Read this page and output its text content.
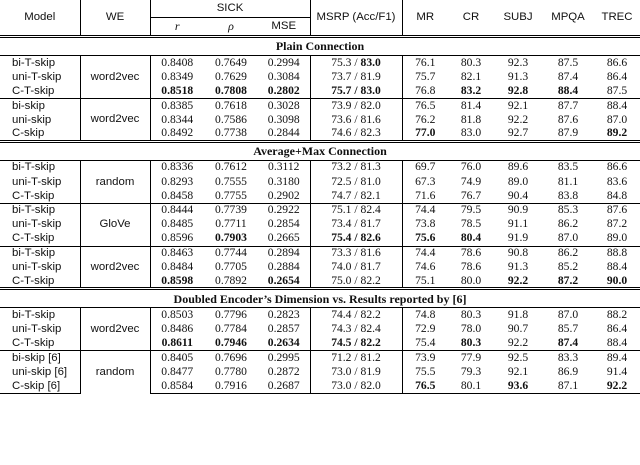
Model	WE	SICK			MSRP (Acc/F1)	MR	CR	SUBJ	MPQA	TREC
		r	ρ	MSE						
Plain Connection										
bi-T-skip	word2vec	0.8408	0.7649	0.2994	75.3 / 83.0	76.1	80.3	92.3	87.5	86.6
uni-T-skip		0.8349	0.7629	0.3084	73.7 / 81.9	75.7	82.1	91.3	87.4	86.4
C-T-skip		0.8518	0.7808	0.2802	75.7 / 83.0	76.8	83.2	92.8	88.4	87.5
bi-skip	word2vec	0.8385	0.7618	0.3028	73.9 / 82.0	76.5	81.4	92.1	87.7	88.4
uni-skip		0.8344	0.7586	0.3098	73.6 / 81.6	76.2	81.8	92.2	87.6	87.0
C-skip		0.8492	0.7738	0.2844	74.6 / 82.3	77.0	83.0	92.7	87.9	89.2
Average+Max Connection										
bi-T-skip	random	0.8336	0.7612	0.3112	73.2 / 81.3	69.7	76.0	89.6	83.5	86.6
uni-T-skip		0.8293	0.7555	0.3180	72.5 / 81.0	67.3	74.9	89.0	81.1	83.6
C-T-skip		0.8458	0.7755	0.2902	74.7 / 82.1	71.6	76.7	90.4	83.8	84.8
bi-T-skip	GloVe	0.8444	0.7739	0.2922	75.1 / 82.4	74.4	79.5	90.9	85.3	87.6
uni-T-skip		0.8485	0.7711	0.2854	73.4 / 81.7	73.8	78.5	91.1	86.2	87.2
C-T-skip		0.8596	0.7903	0.2665	75.4 / 82.6	75.6	80.4	91.9	87.0	89.0
bi-T-skip	word2vec	0.8463	0.7744	0.2894	73.3 / 81.6	74.4	78.6	90.8	86.2	88.8
uni-T-skip		0.8484	0.7705	0.2884	74.0 / 81.7	74.6	78.6	91.3	85.2	88.4
C-T-skip		0.8598	0.7892	0.2654	75.0 / 82.2	75.1	80.0	92.2	87.2	90.0
Doubled Encoder’s Dimension vs. Results reported by [6]										
bi-T-skip	word2vec	0.8503	0.7796	0.2823	74.4 / 82.2	74.8	80.3	91.8	87.0	88.2
uni-T-skip		0.8486	0.7784	0.2857	74.3 / 82.4	72.9	78.0	90.7	85.7	86.4
C-T-skip		0.8611	0.7946	0.2634	74.5 / 82.2	75.4	80.3	92.2	87.4	88.4
bi-skip [6]	random	0.8405	0.7696	0.2995	71.2 / 81.2	73.9	77.9	92.5	83.3	89.4
uni-skip [6]		0.8477	0.7780	0.2872	73.0 / 81.9	75.5	79.3	92.1	86.9	91.4
C-skip [6]		0.8584	0.7916	0.2687	73.0 / 82.0	76.5	80.1	93.6	87.1	92.2
